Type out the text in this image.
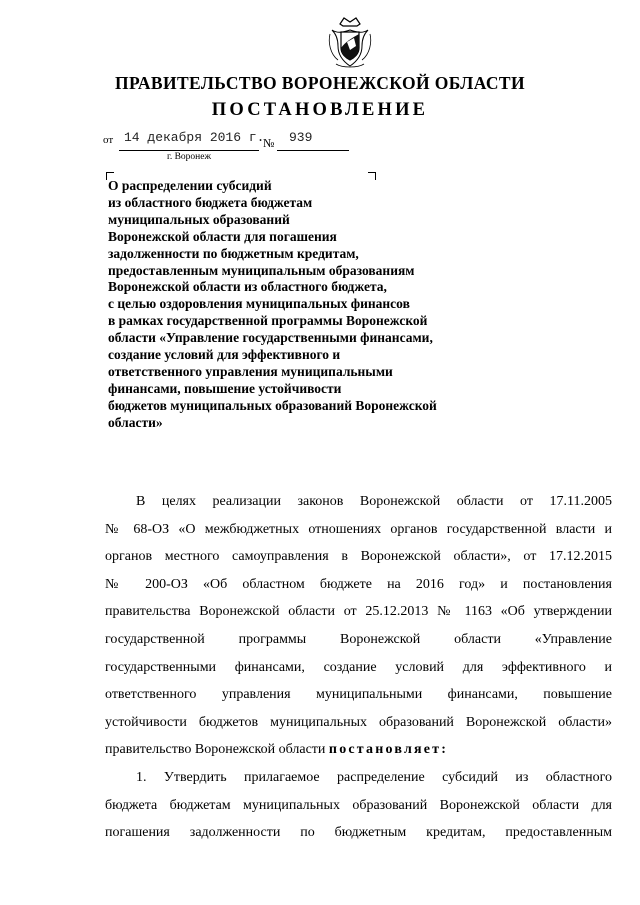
ПРАВИТЕЛЬСТВО ВОРОНЕЖСКОЙ ОБЛАСТИ
ПОСТАНОВЛЕНИЕ
от 14 декабря 2016 г.
№ 939
г. Воронеж
О распределении субсидий
из областного бюджета бюджетам
муниципальных образований
Воронежской области для погашения
задолженности по бюджетным кредитам,
предоставленным муниципальным образованиям
Воронежской области из областного бюджета,
с целью оздоровления муниципальных финансов
в рамках государственной программы Воронежской
области «Управление государственными финансами,
создание условий для эффективного и
ответственного управления муниципальными
финансами, повышение устойчивости
бюджетов муниципальных образований Воронежской
области»
В целях реализации законов Воронежской области от 17.11.2005
№ 68-ОЗ «О межбюджетных отношениях органов государственной власти и
органов местного самоуправления в Воронежской области», от 17.12.2015
№ 200-ОЗ «Об областном бюджете на 2016 год» и постановления
правительства Воронежской области от 25.12.2013 № 1163 «Об утверждении
государственной программы Воронежской области «Управление
государственными финансами, создание условий для эффективного и
ответственного управления муниципальными финансами, повышение
устойчивости бюджетов муниципальных образований Воронежской области»
правительство Воронежской области постановляет:
1. Утвердить прилагаемое распределение субсидий из областного
бюджета бюджетам муниципальных образований Воронежской области для
погашения задолженности по бюджетным кредитам, предоставленным
